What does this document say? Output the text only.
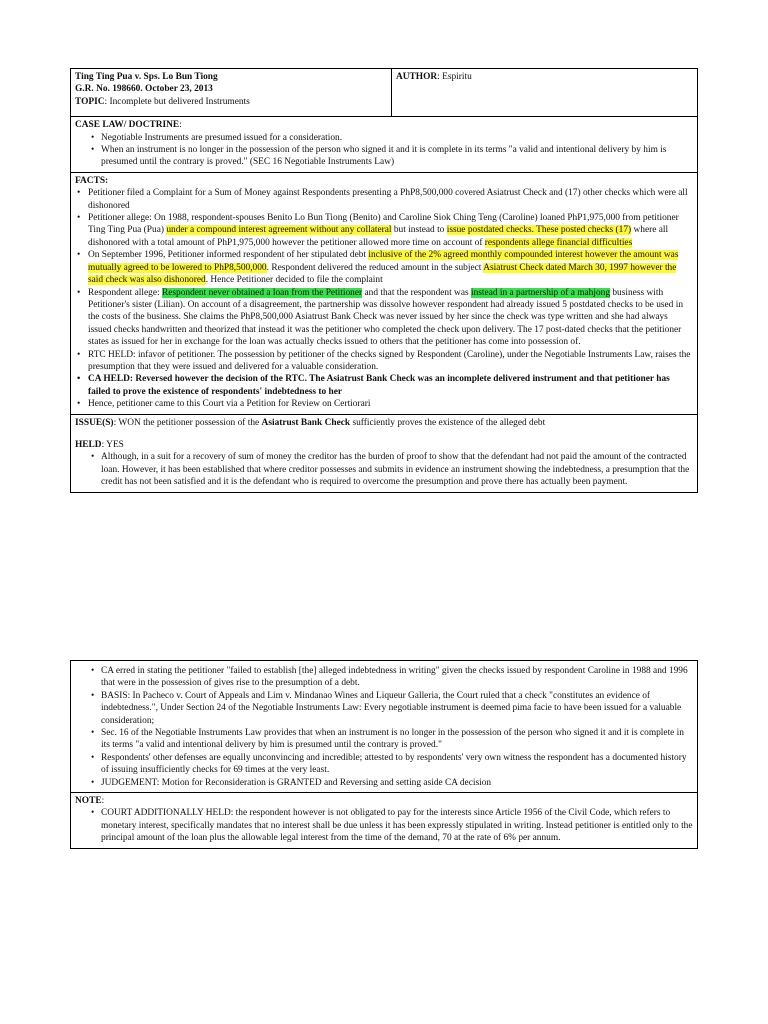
Ting Ting Pua v. Sps. Lo Bun Tiong
G.R. No. 198660. October 23, 2013
TOPIC: Incomplete but delivered Instruments
AUTHOR: Espiritu
CASE LAW/ DOCTRINE:
• Negotiable Instruments are presumed issued for a consideration.
• When an instrument is no longer in the possession of the person who signed it and it is complete in its terms "a valid and intentional delivery by him is presumed until the contrary is proved." (SEC 16 Negotiable Instruments Law)
FACTS:
• Petitioner filed a Complaint for a Sum of Money against Respondents presenting a PhP8,500,000 covered Asiatrust Check and (17) other checks which were all dishonored
• Petitioner allege: On 1988, respondent-spouses Benito Lo Bun Tiong (Benito) and Caroline Siok Ching Teng (Caroline) loaned PhP1,975,000 from petitioner Ting Ting Pua (Pua) under a compound interest agreement without any collateral but instead to issue postdated checks. These posted checks (17) where all dishonored with a total amount of PhP1,975,000 however the petitioner allowed more time on account of respondents allege financial difficulties
• On September 1996, Petitioner informed respondent of her stipulated debt inclusive of the 2% agreed monthly compounded interest however the amount was mutually agreed to be lowered to PhP8,500,000. Respondent delivered the reduced amount in the subject Asiatrust Check dated March 30, 1997 however the said check was also dishonored. Hence Petitioner decided to file the complaint
• Respondent allege: Respondent never obtained a loan from the Petitioner and that the respondent was instead in a partnership of a mahjong business with Petitioner's sister (Lilian). On account of a disagreement, the partnership was dissolve however respondent had already issued 5 postdated checks to be used in the costs of the business. She claims the PhP8,500,000 Asiatrust Bank Check was never issued by her since the check was type written and she had always issued checks handwritten and theorized that instead it was the petitioner who completed the check upon delivery. The 17 post-dated checks that the petitioner states as issued for her in exchange for the loan was actually checks issued to others that the petitioner has come into possession of.
• RTC HELD: infavor of petitioner. The possession by petitioner of the checks signed by Respondent (Caroline), under the Negotiable Instruments Law, raises the presumption that they were issued and delivered for a valuable consideration.
• CA HELD: Reversed however the decision of the RTC. The Asiatrust Bank Check was an incomplete delivered instrument and that petitioner has failed to prove the existence of respondents' indebtedness to her
• Hence, petitioner came to this Court via a Petition for Review on Certiorari
ISSUE(S): WON the petitioner possession of the Asiatrust Bank Check sufficiently proves the existence of the alleged debt
HELD: YES
• Although, in a suit for a recovery of sum of money the creditor has the burden of proof to show that the defendant had not paid the amount of the contracted loan. However, it has been established that where creditor possesses and submits in evidence an instrument showing the indebtedness, a presumption that the credit has not been satisfied and it is the defendant who is required to overcome the presumption and prove there has actually been payment.
• CA erred in stating the petitioner "failed to establish [the] alleged indebtedness in writing" given the checks issued by respondent Caroline in 1988 and 1996 that were in the possession of gives rise to the presumption of a debt.
• BASIS: In Pacheco v. Court of Appeals and Lim v. Mindanao Wines and Liqueur Galleria, the Court ruled that a check "constitutes an evidence of indebtedness.", Under Section 24 of the Negotiable Instruments Law: Every negotiable instrument is deemed pima facie to have been issued for a valuable consideration;
• Sec. 16 of the Negotiable Instruments Law provides that when an instrument is no longer in the possession of the person who signed it and it is complete in its terms "a valid and intentional delivery by him is presumed until the contrary is proved."
• Respondents' other defenses are equally unconvincing and incredible; attested to by respondents' very own witness the respondent has a documented history of issuing insufficiently checks for 69 times at the very least.
• JUDGEMENT: Motion for Reconsideration is GRANTED and Reversing and setting aside CA decision
NOTE:
• COURT ADDITIONALLY HELD: the respondent however is not obligated to pay for the interests since Article 1956 of the Civil Code, which refers to monetary interest, specifically mandates that no interest shall be due unless it has been expressly stipulated in writing. Instead petitioner is entitled only to the principal amount of the loan plus the allowable legal interest from the time of the demand, 70 at the rate of 6% per annum.
